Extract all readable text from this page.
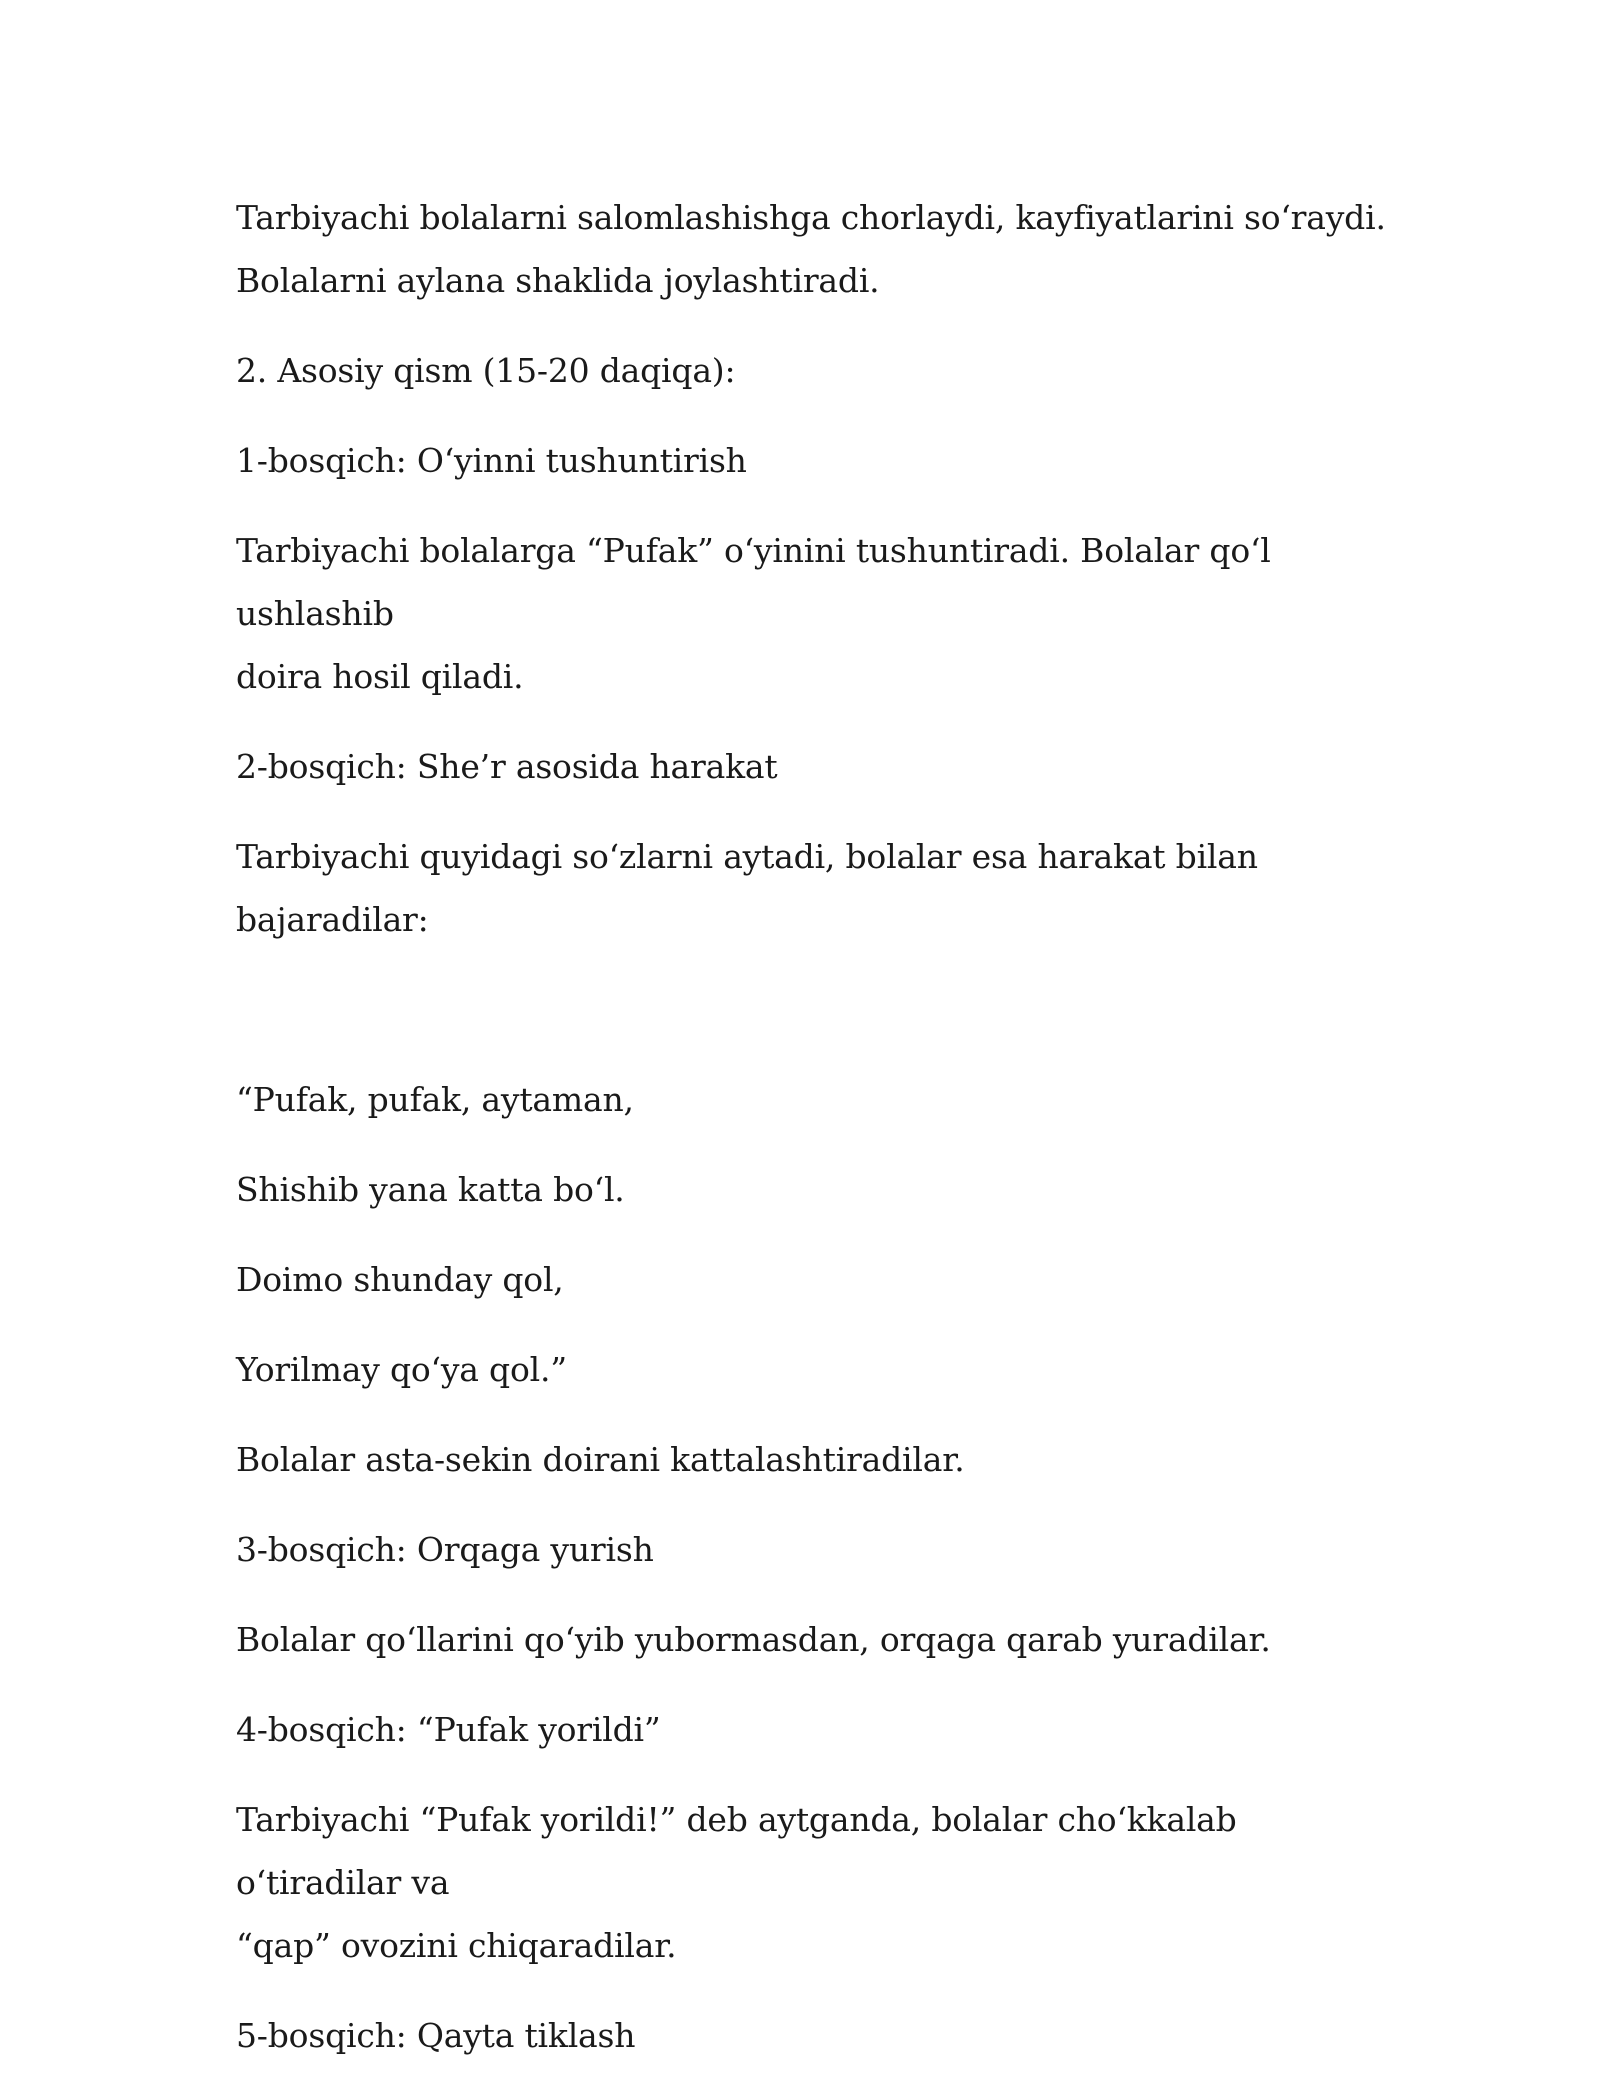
Tarbiyachi bolalarni salomlashishga chorlaydi, kayfiyatlarini so‘raydi.
Bolalarni aylana shaklida joylashtiradi.

2. Asosiy qism (15-20 daqiqa):

1-bosqich: O‘yinni tushuntirish

Tarbiyachi bolalarga “Pufak” o‘yinini tushuntiradi. Bolalar qo‘l ushlashib
doira hosil qiladi.

2-bosqich: She’r asosida harakat

Tarbiyachi quyidagi so‘zlarni aytadi, bolalar esa harakat bilan bajaradilar:

“Pufak, pufak, aytaman,

Shishib yana katta bo‘l.

Doimo shunday qol,

Yorilmay qo‘ya qol.”

Bolalar asta-sekin doirani kattalashtiradilar.

3-bosqich: Orqaga yurish

Bolalar qo‘llarini qo‘yib yubormasdan, orqaga qarab yuradilar.

4-bosqich: “Pufak yorildi”

Tarbiyachi “Pufak yorildi!” deb aytganda, bolalar cho‘kkalab o‘tiradilar va
“qap” ovozini chiqaradilar.

5-bosqich: Qayta tiklash
